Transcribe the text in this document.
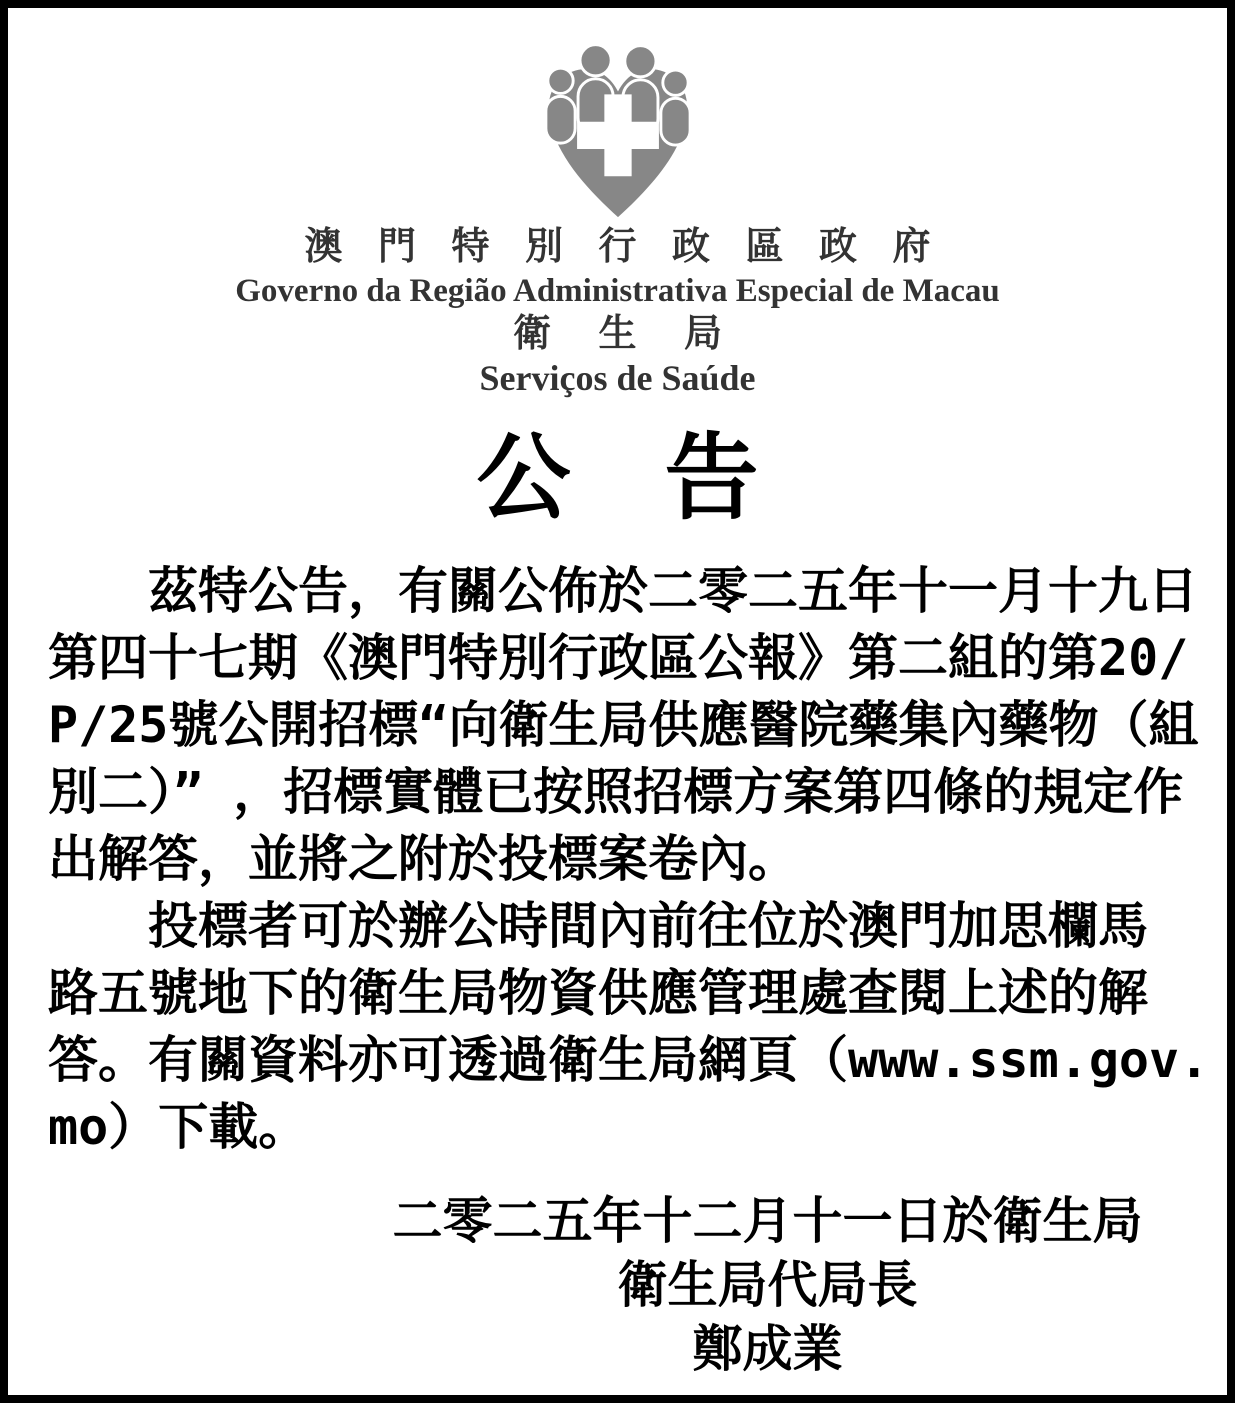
澳 門 特 別 行 政 區 政 府
Governo da Região Administrativa Especial de Macau
衛 生 局
Serviços de Saúde
公　告
茲特公告，有關公佈於二零二五年十一月十九日
第四十七期《澳門特別行政區公報》第二組的第20/
P/25號公開招標“向衛生局供應醫院藥集內藥物（組
別二）” ，招標實體已按照招標方案第四條的規定作
出解答，並將之附於投標案卷內。
投標者可於辦公時間內前往位於澳門加思欄馬
路五號地下的衛生局物資供應管理處查閱上述的解
答。有關資料亦可透過衛生局網頁（www.ssm.gov.
mo）下載。
二零二五年十二月十一日於衛生局
衛生局代局長
鄭成業
